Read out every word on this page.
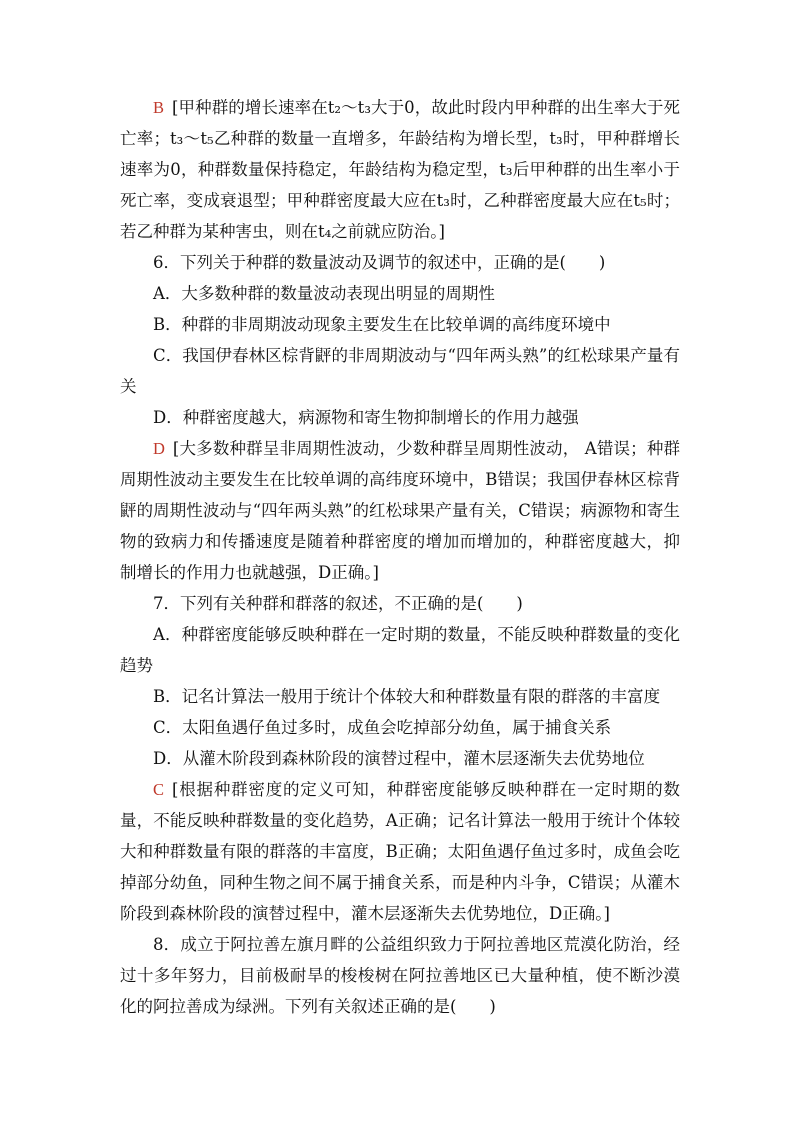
B [甲种群的增长速率在t₂～t₃大于0，故此时段内甲种群的出生率大于死亡率；t₃～t₅乙种群的数量一直增多，年龄结构为增长型，t₃时，甲种群增长速率为0，种群数量保持稳定，年龄结构为稳定型，t₃后甲种群的出生率小于死亡率，变成衰退型；甲种群密度最大应在t₃时，乙种群密度最大应在t₅时；若乙种群为某种害虫，则在t₄之前就应防治。]

6．下列关于种群的数量波动及调节的叙述中，正确的是(　　)

A．大多数种群的数量波动表现出明显的周期性

B．种群的非周期波动现象主要发生在比较单调的高纬度环境中

C．我国伊春林区棕背䶄的非周期波动与“四年两头熟”的红松球果产量有关

D．种群密度越大，病源物和寄生物抑制增长的作用力越强

D [大多数种群呈非周期性波动，少数种群呈周期性波动， A错误；种群周期性波动主要发生在比较单调的高纬度环境中，B错误；我国伊春林区棕背䶄的周期性波动与“四年两头熟”的红松球果产量有关，C错误；病源物和寄生物的致病力和传播速度是随着种群密度的增加而增加的，种群密度越大，抑制增长的作用力也就越强，D正确。]

7．下列有关种群和群落的叙述，不正确的是(　　)

A．种群密度能够反映种群在一定时期的数量，不能反映种群数量的变化趋势

B．记名计算法一般用于统计个体较大和种群数量有限的群落的丰富度

C．太阳鱼遇仔鱼过多时，成鱼会吃掉部分幼鱼，属于捕食关系

D．从灌木阶段到森林阶段的演替过程中，灌木层逐渐失去优势地位

C [根据种群密度的定义可知，种群密度能够反映种群在一定时期的数量，不能反映种群数量的变化趋势，A正确；记名计算法一般用于统计个体较大和种群数量有限的群落的丰富度，B正确；太阳鱼遇仔鱼过多时，成鱼会吃掉部分幼鱼，同种生物之间不属于捕食关系，而是种内斗争，C错误；从灌木阶段到森林阶段的演替过程中，灌木层逐渐失去优势地位，D正确。]

8．成立于阿拉善左旗月畔的公益组织致力于阿拉善地区荒漠化防治，经过十多年努力，目前极耐旱的梭梭树在阿拉善地区已大量种植，使不断沙漠化的阿拉善成为绿洲。下列有关叙述正确的是(　　)
